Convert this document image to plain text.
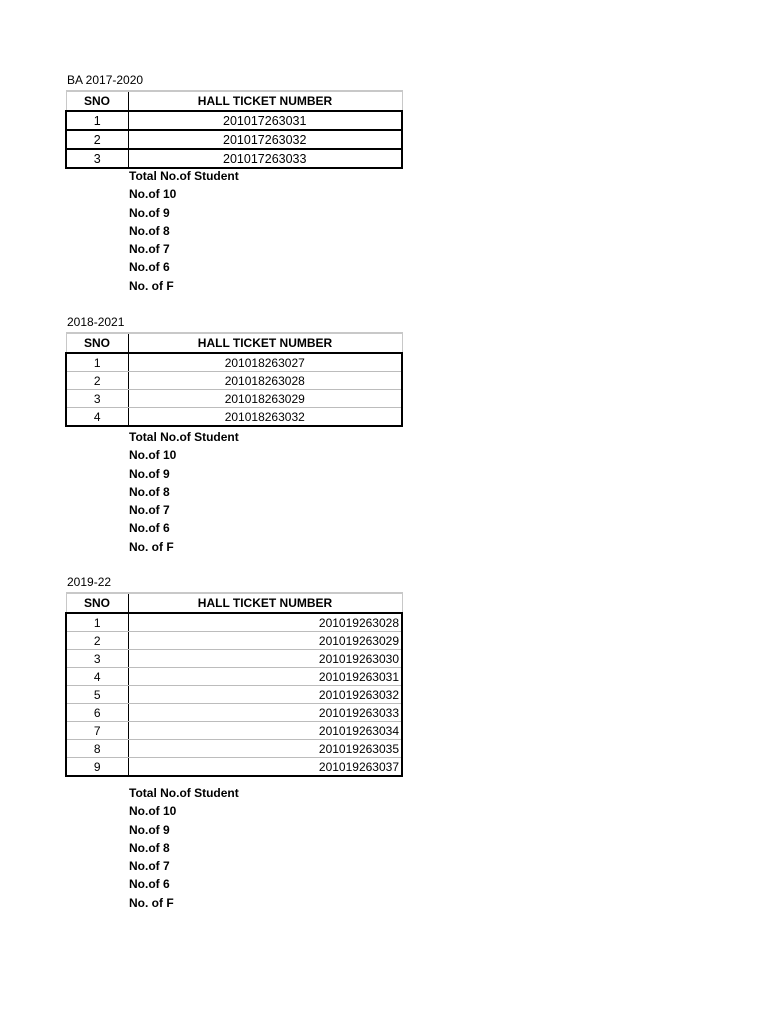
BA 2017-2020
SNO	HALL TICKET NUMBER
1	201017263031
2	201017263032
3	201017263033
Total No.of Student
No.of 10
No.of 9
No.of 8
No.of 7
No.of 6
No. of F
2018-2021
SNO	HALL TICKET NUMBER
1	201018263027
2	201018263028
3	201018263029
4	201018263032
Total No.of Student
No.of 10
No.of 9
No.of 8
No.of 7
No.of 6
No. of F
2019-22
SNO	HALL TICKET NUMBER
1	201019263028
2	201019263029
3	201019263030
4	201019263031
5	201019263032
6	201019263033
7	201019263034
8	201019263035
9	201019263037
Total No.of Student
No.of 10
No.of 9
No.of 8
No.of 7
No.of 6
No. of F
